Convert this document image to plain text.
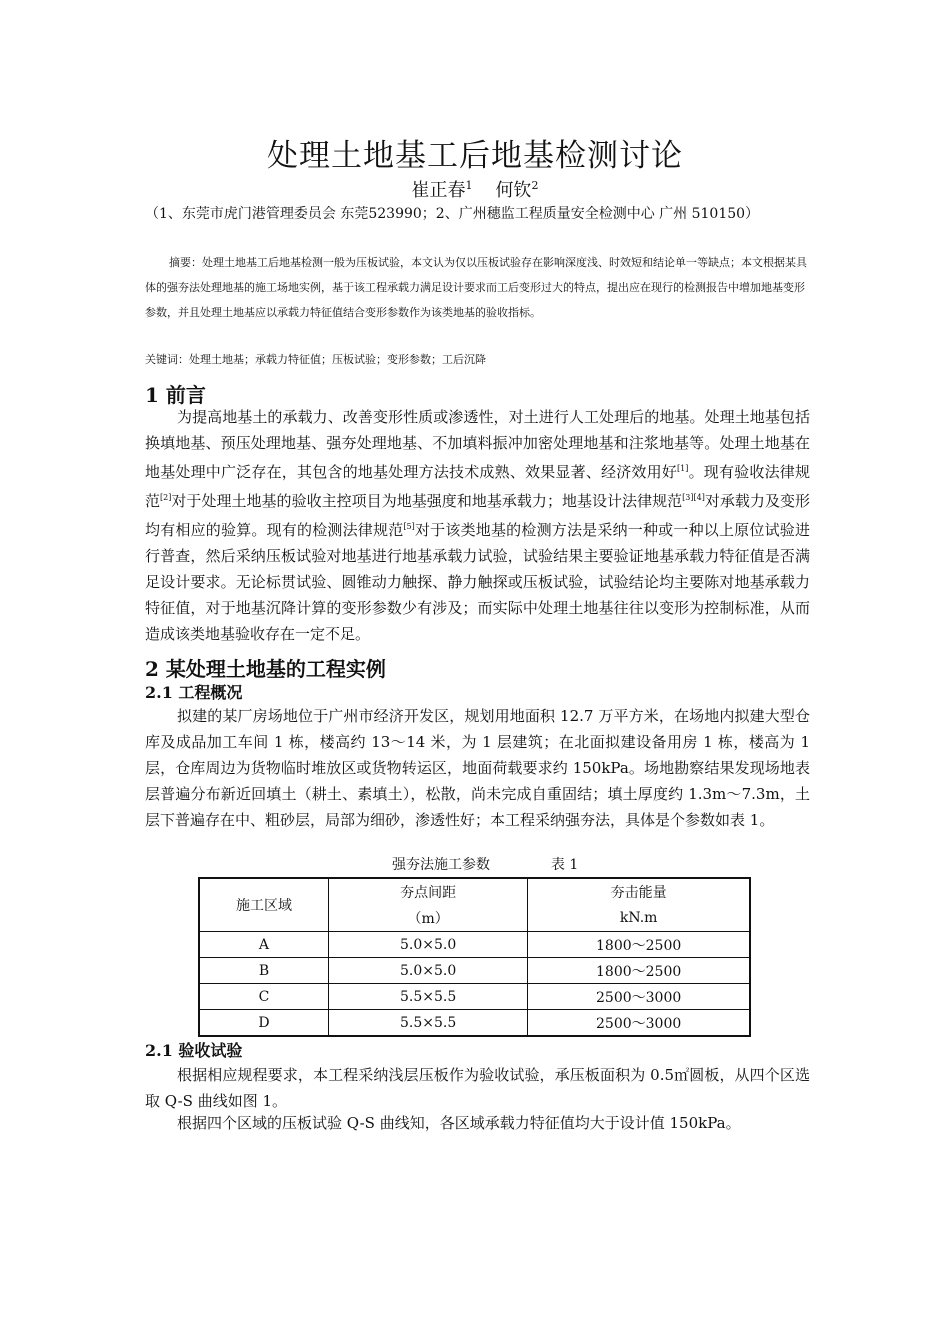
处理土地基工后地基检测讨论
崔正春$^1$ 何钦$^2$
（1、东莞市虎门港管理委员会 东莞523990；2、广州穗监工程质量安全检测中心 广州 510150）
摘要：处理土地基工后地基检测一般为压板试验，本文认为仅以压板试验存在影响深度浅、时效短和结论单一等缺点；本文根据某具体的强夯法处理地基的施工场地实例，基于该工程承载力满足设计要求而工后变形过大的特点，提出应在现行的检测报告中增加地基变形参数，并且处理土地基应以承载力特征值结合变形参数作为该类地基的验收指标。
关键词：处理土地基；承载力特征值；压板试验；变形参数；工后沉降
1 前言
为提高地基土的承载力、改善变形性质或渗透性，对土进行人工处理后的地基。处理土地基包括换填地基、预压处理地基、强夯处理地基、不加填料振冲加密处理地基和注浆地基等。处理土地基在地基处理中广泛存在，其包含的地基处理方法技术成熟、效果显著、经济效用好[1]。现有验收法律规范[2]对于处理土地基的验收主控项目为地基强度和地基承载力；地基设计法律规范[3][4]对承载力及变形均有相应的验算。现有的检测法律规范[5]对于该类地基的检测方法是采纳一种或一种以上原位试验进行普查，然后采纳压板试验对地基进行地基承载力试验，试验结果主要验证地基承载力特征值是否满足设计要求。无论标贯试验、圆锥动力触探、静力触探或压板试验，试验结论均主要陈对地基承载力特征值，对于地基沉降计算的变形参数少有涉及；而实际中处理土地基往往以变形为控制标准，从而造成该类地基验收存在一定不足。
2 某处理土地基的工程实例
2.1 工程概况
拟建的某厂房场地位于广州市经济开发区，规划用地面积 12.7 万平方米，在场地内拟建大型仓库及成品加工车间 1 栋，楼高约 13～14 米，为 1 层建筑；在北面拟建设备用房 1 栋，楼高为 1 层，仓库周边为货物临时堆放区或货物转运区，地面荷载要求约 150kPa。场地勘察结果发现场地表层普遍分布新近回填土（耕土、素填土），松散，尚未完成自重固结；填土厚度约 1.3m～7.3m，土层下普遍存在中、粗砂层，局部为细砂，渗透性好；本工程采纳强夯法，具体是个参数如表 1。
强夯法施工参数	表 1
施工区域	夯点间距	夯击能量
	（m）	kN.m
A	5.0×5.0	1800～2500
B	5.0×5.0	1800～2500
C	5.5×5.5	2500～3000
D	5.5×5.5	2500～3000
2.1 验收试验
根据相应规程要求，本工程采纳浅层压板作为验收试验，承压板面积为 0.5㎡圆板，从四个区选取 Q-S 曲线如图 1。
根据四个区域的压板试验 Q-S 曲线知，各区域承载力特征值均大于设计值 150kPa。
